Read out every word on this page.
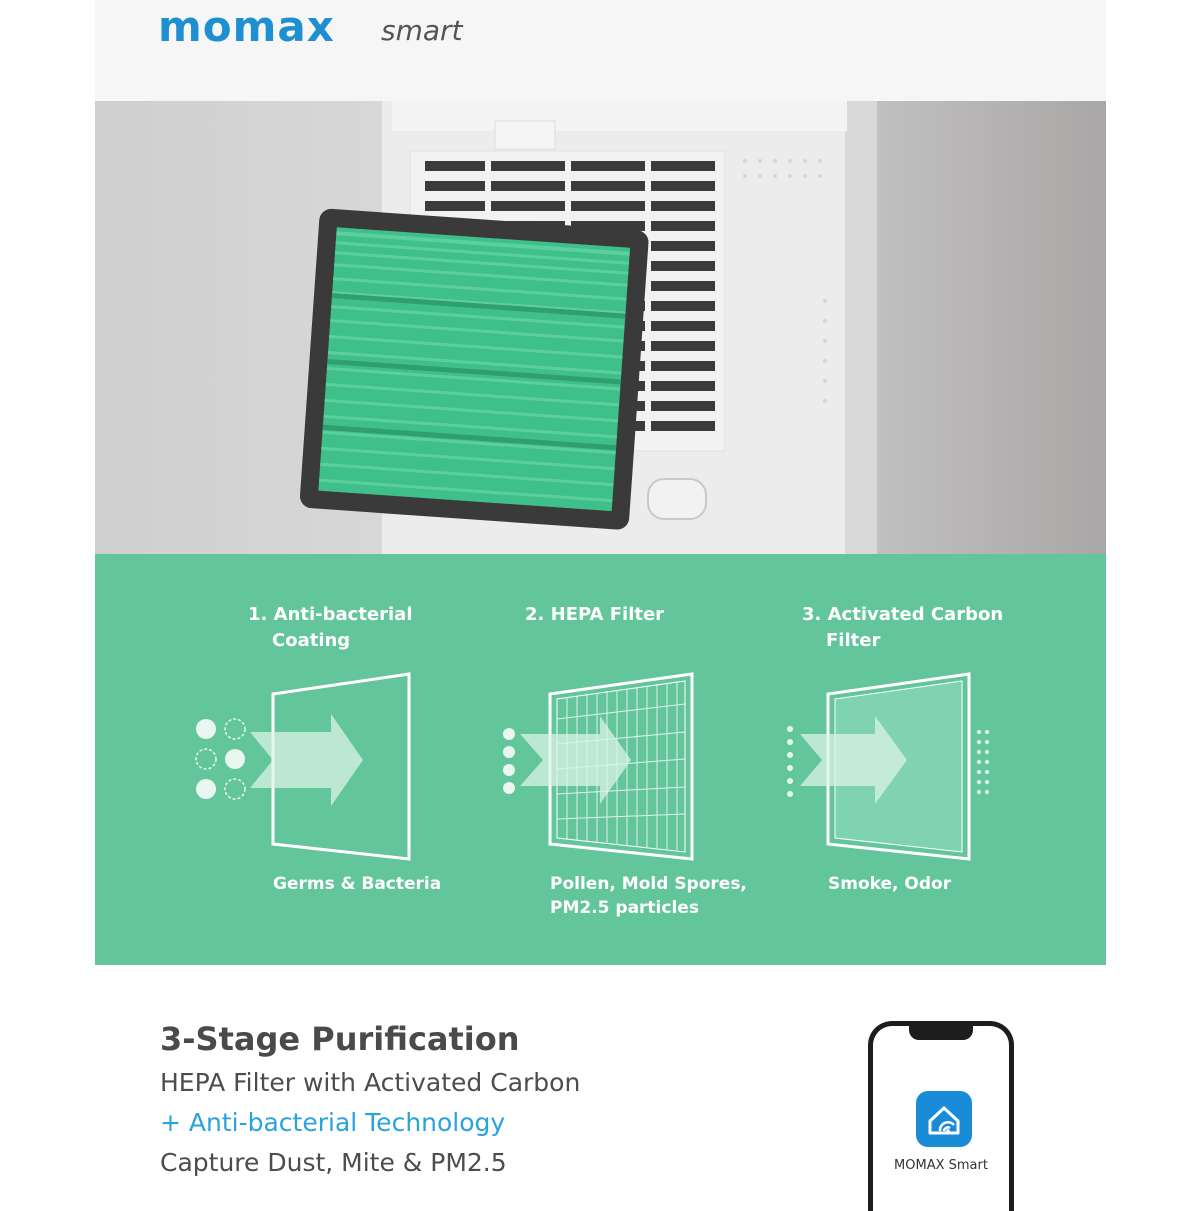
momax smart
1. Anti-bacterial
Coating
2. HEPA Filter	3. Activated Carbon
Filter
Germs & Bacteria	Pollen, Mold Spores,
PM2.5 particles
Smoke, Odor
3-Stage Purification
HEPA Filter with Activated Carbon
+ Anti-bacterial Technology
Capture Dust, Mite & PM2.5	MOMAX Smart
